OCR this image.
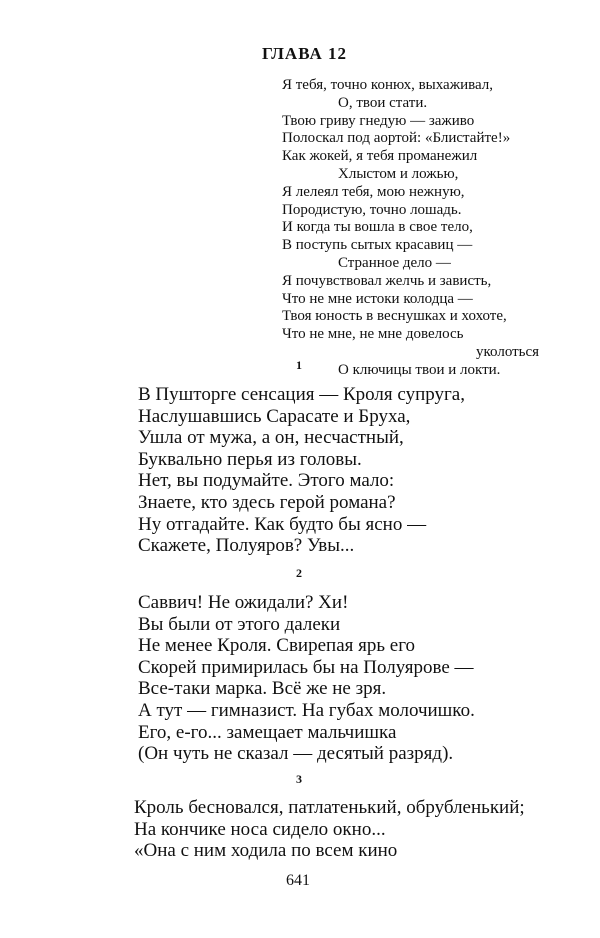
ГЛАВА 12
Я тебя, точно конюх, выхаживал,
О, твои стати.
Твою гриву гнедую — заживо
Полоскал под аортой: «Блистайте!»
Как жокей, я тебя проманежил
Хлыстом и ложью,
Я лелеял тебя, мою нежную,
Породистую, точно лошадь.
И когда ты вошла в свое тело,
В поступь сытых красавиц —
Странное дело —
Я почувствовал желчь и зависть,
Что не мне истоки колодца —
Твоя юность в веснушках и хохоте,
Что не мне, не мне довелось
уколоться
О ключицы твои и локти.
1
В Пушторге сенсация — Кроля супруга,
Наслушавшись Сарасате и Бруха,
Ушла от мужа, а он, несчастный,
Буквально перья из головы.
Нет, вы подумайте. Этого мало:
Знаете, кто здесь герой романа?
Ну отгадайте. Как будто бы ясно —
Скажете, Полуяров? Увы...
2
Саввич! Не ожидали? Хи!
Вы были от этого далеки
Не менее Кроля. Свирепая ярь его
Скорей примирилась бы на Полуярове —
Все-таки марка. Всё же не зря.
А тут — гимназист. На губах молочишко.
Его, е-го... замещает мальчишка
(Он чуть не сказал — десятый разряд).
3
Кроль бесновался, патлатенький, обрубленький;
На кончике носа сидело окно...
«Она с ним ходила по всем кино
641
